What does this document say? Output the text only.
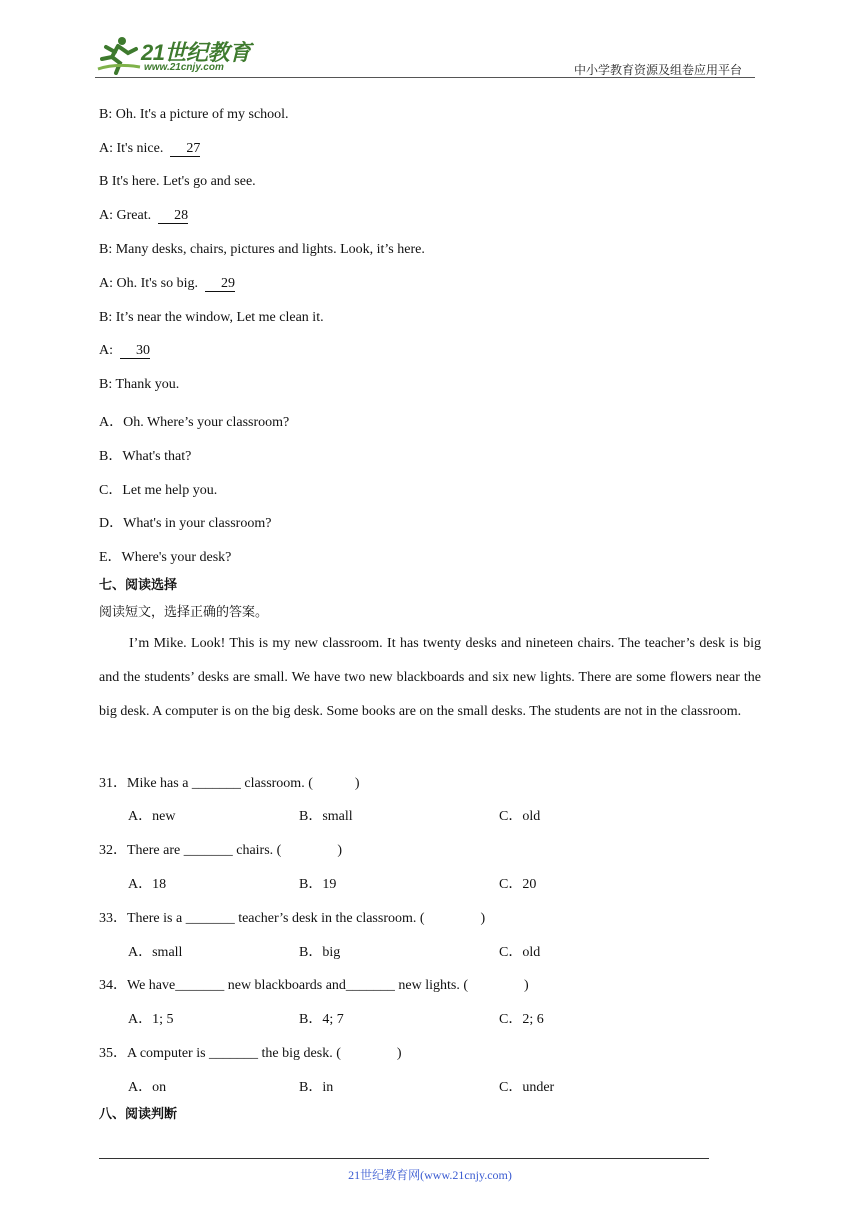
21世纪教育
www.21cnjy.com	中小学教育资源及组卷应用平台
B: Oh. It's a picture of my school.
A: It's nice. 27
B It's here. Let's go and see.
A: Great. 28
B: Many desks, chairs, pictures and lights. Look, it’s here.
A: Oh. It's so big. 29
B: It’s near the window, Let me clean it.
A: 30
B: Thank you.
A．Oh. Where’s your classroom?
B．What's that?
C．Let me help you.
D．What's in your classroom?
E．Where's your desk?
七、阅读选择
阅读短文，选择正确的答案。
I’m Mike. Look! This is my new classroom. It has twenty desks and nineteen chairs. The teacher’s desk is big and the students’ desks are small. We have two new blackboards and six new lights. There are some flowers near the big desk. A computer is on the big desk. Some books are on the small desks. The students are not in the classroom.
31．Mike has a _______ classroom. (　　　)
A．new	B．small	C．old
32．There are _______ chairs. (　　　　)
A．18	B．19	C．20
33．There is a _______ teacher’s desk in the classroom. (　　　　)
A．small	B．big	C．old
34．We have_______ new blackboards and_______ new lights. (　　　　)
A．1; 5	B．4; 7	C．2; 6
35．A computer is _______ the big desk. (　　　　)
A．on	B．in	C．under
八、阅读判断
21世纪教育网(www.21cnjy.com)
